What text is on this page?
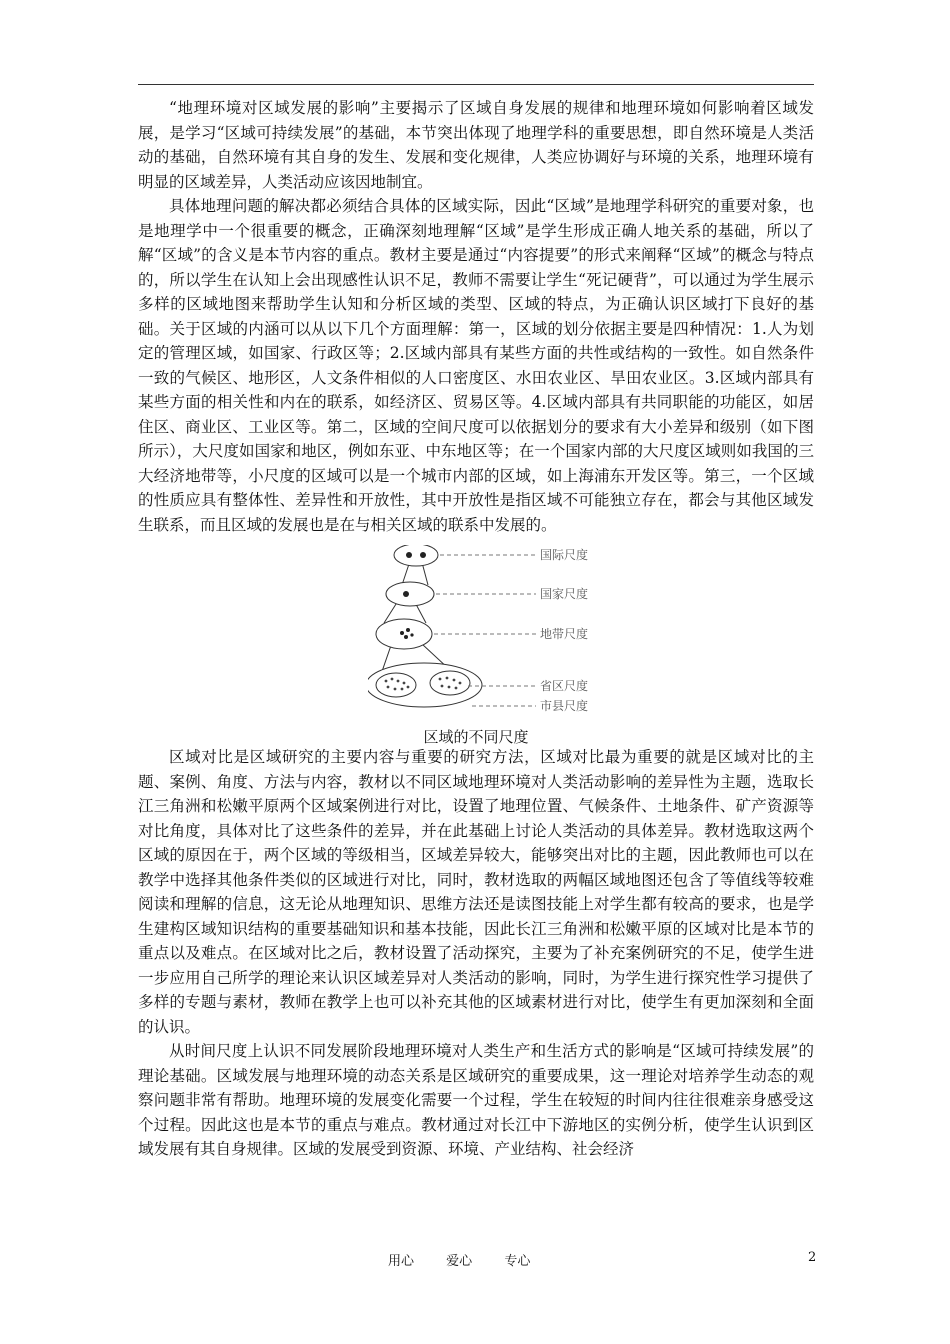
“地理环境对区域发展的影响”主要揭示了区域自身发展的规律和地理环境如何影响着区域发展，是学习“区域可持续发展”的基础，本节突出体现了地理学科的重要思想，即自然环境是人类活动的基础，自然环境有其自身的发生、发展和变化规律，人类应协调好与环境的关系，地理环境有明显的区域差异，人类活动应该因地制宜。

具体地理问题的解决都必须结合具体的区域实际，因此“区域”是地理学科研究的重要对象，也是地理学中一个很重要的概念，正确深刻地理解“区域”是学生形成正确人地关系的基础，所以了解“区域”的含义是本节内容的重点。教材主要是通过“内容提要”的形式来阐释“区域”的概念与特点的，所以学生在认知上会出现感性认识不足，教师不需要让学生“死记硬背”，可以通过为学生展示多样的区域地图来帮助学生认知和分析区域的类型、区域的特点，为正确认识区域打下良好的基础。关于区域的内涵可以从以下几个方面理解：第一，区域的划分依据主要是四种情况：1.人为划定的管理区域，如国家、行政区等；2.区域内部具有某些方面的共性或结构的一致性。如自然条件一致的气候区、地形区，人文条件相似的人口密度区、水田农业区、旱田农业区。3.区域内部具有某些方面的相关性和内在的联系，如经济区、贸易区等。4.区域内部具有共同职能的功能区，如居住区、商业区、工业区等。第二，区域的空间尺度可以依据划分的要求有大小差异和级别（如下图所示），大尺度如国家和地区，例如东亚、中东地区等；在一个国家内部的大尺度区域则如我国的三大经济地带等，小尺度的区域可以是一个城市内部的区域，如上海浦东开发区等。第三，一个区域的性质应具有整体性、差异性和开放性，其中开放性是指区域不可能独立存在，都会与其他区域发生联系，而且区域的发展也是在与相关区域的联系中发展的。

国际尺度
国家尺度
地带尺度
省区尺度
市县尺度
区域的不同尺度

区域对比是区域研究的主要内容与重要的研究方法，区域对比最为重要的就是区域对比的主题、案例、角度、方法与内容，教材以不同区域地理环境对人类活动影响的差异性为主题，选取长江三角洲和松嫩平原两个区域案例进行对比，设置了地理位置、气候条件、土地条件、矿产资源等对比角度，具体对比了这些条件的差异，并在此基础上讨论人类活动的具体差异。教材选取这两个区域的原因在于，两个区域的等级相当，区域差异较大，能够突出对比的主题，因此教师也可以在教学中选择其他条件类似的区域进行对比，同时，教材选取的两幅区域地图还包含了等值线等较难阅读和理解的信息，这无论从地理知识、思维方法还是读图技能上对学生都有较高的要求，也是学生建构区域知识结构的重要基础知识和基本技能，因此长江三角洲和松嫩平原的区域对比是本节的重点以及难点。在区域对比之后，教材设置了活动探究，主要为了补充案例研究的不足，使学生进一步应用自己所学的理论来认识区域差异对人类活动的影响，同时，为学生进行探究性学习提供了多样的专题与素材，教师在教学上也可以补充其他的区域素材进行对比，使学生有更加深刻和全面的认识。

从时间尺度上认识不同发展阶段地理环境对人类生产和生活方式的影响是“区域可持续发展”的理论基础。区域发展与地理环境的动态关系是区域研究的重要成果，这一理论对培养学生动态的观察问题非常有帮助。地理环境的发展变化需要一个过程，学生在较短的时间内往往很难亲身感受这个过程。因此这也是本节的重点与难点。教材通过对长江中下游地区的实例分析，使学生认识到区域发展有其自身规律。区域的发展受到资源、环境、产业结构、社会经济

用心 爱心 专心	2
